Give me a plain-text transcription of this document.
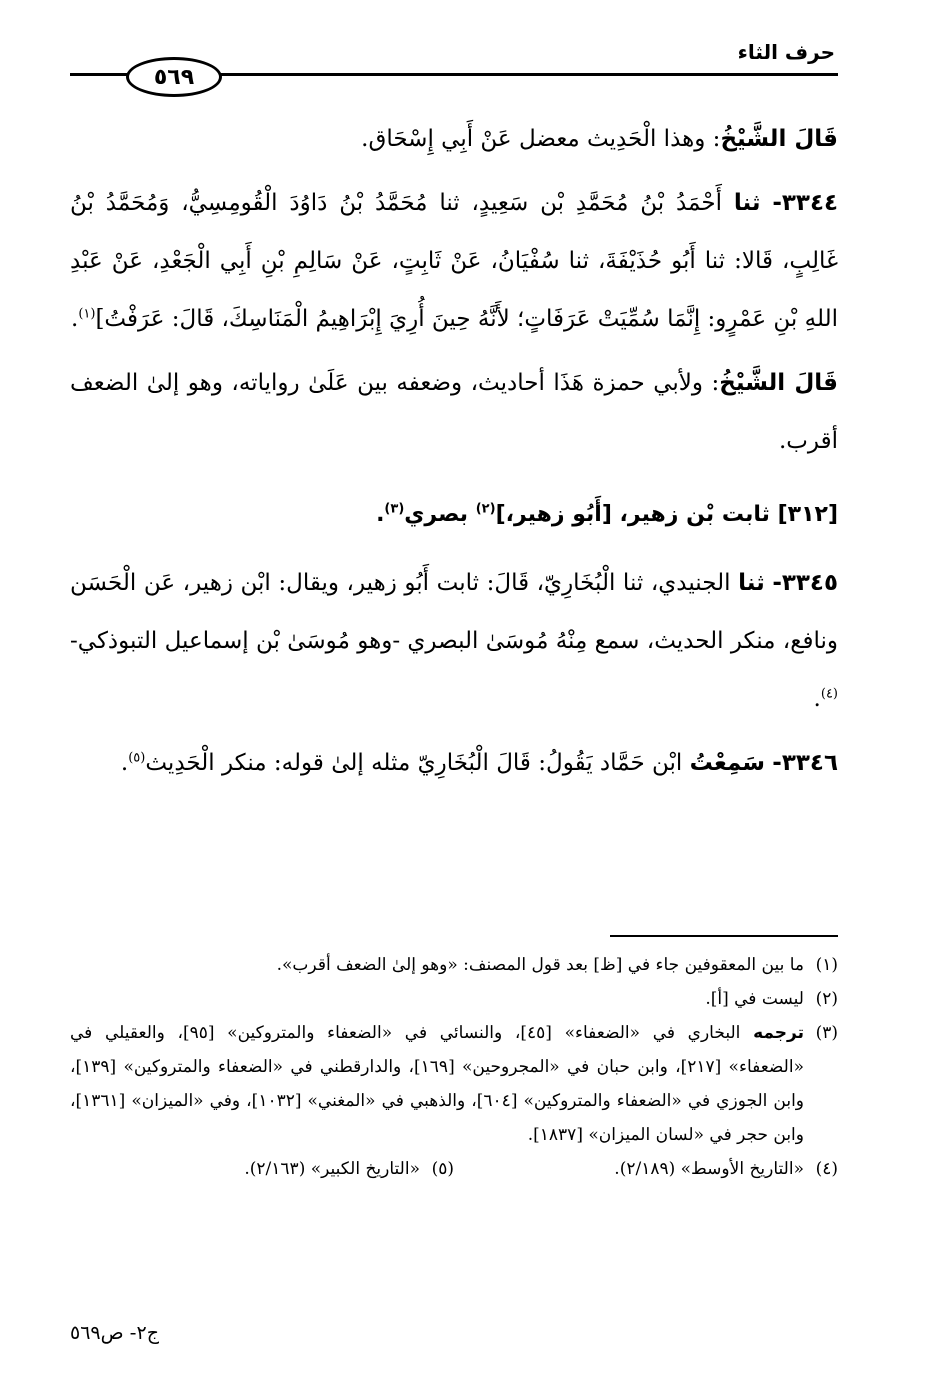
حرف الثاء
٥٦٩

قَالَ الشَّيْخُ: وهذا الْحَدِيث معضل عَنْ أَبِي إِسْحَاق.

٣٣٤٤- ثنا أَحْمَدُ بْنُ مُحَمَّدِ بْن سَعِيدٍ، ثنا مُحَمَّدُ بْنُ دَاوُدَ الْقُومِسِيُّ، وَمُحَمَّدُ بْنُ غَالِبٍ، قَالا: ثنا أَبُو حُذَيْفَةَ، ثنا سُفْيَانُ، عَنْ ثَابِتٍ، عَنْ سَالِمِ بْنِ أَبِي الْجَعْدِ، عَنْ عَبْدِ اللهِ بْنِ عَمْرٍو: إِنَّمَا سُمِّيَتْ عَرَفَاتٍ؛ لأَنَّهُ حِينَ أُرِيَ إِبْرَاهِيمُ الْمَنَاسِكَ، قَالَ: عَرَفْتُ]$^{(١)}$.

قَالَ الشَّيْخُ: ولأبي حمزة هَذَا أحاديث، وضعفه بين عَلَىٰ رواياته، وهو إلىٰ الضعف أقرب.

[٣١٢] ثابت بْن زهير، [أَبُو زهير،]$^{(٢)}$ بصري$^{(٣)}$.

٣٣٤٥- ثنا الجنيدي، ثنا الْبُخَارِيّ، قَالَ: ثابت أَبُو زهير، ويقال: ابْن زهير، عَن الْحَسَن ونافع، منكر الحديث، سمع مِنْهُ مُوسَىٰ البصري -وهو مُوسَىٰ بْن إسماعيل التبوذكي-$^{(٤)}$.

٣٣٤٦- سَمِعْتُ ابْن حَمَّاد يَقُولُ: قَالَ الْبُخَارِيّ مثله إلىٰ قوله: منكر الْحَدِيث$^{(٥)}$.

(١)
ما بين المعقوفين جاء في [ظ] بعد قول المصنف: «وهو إلىٰ الضعف أقرب».
(٢)
ليست في [أ].
(٣)
ترجمه البخاري في «الضعفاء» [٤٥]، والنسائي في «الضعفاء والمتروكين» [٩٥]، والعقيلي في «الضعفاء» [٢١٧]، وابن حبان في «المجروحين» [١٦٩]، والدارقطني في «الضعفاء والمتروكين» [١٣٩]، وابن الجوزي في «الضعفاء والمتروكين» [٦٠٤]، والذهبي في «المغني» [١٠٣٢]، وفي «الميزان» [١٣٦١]، وابن حجر في «لسان الميزان» [١٨٣٧].
(٤)
«التاريخ الأوسط» (٢/١٨٩).
(٥)
«التاريخ الكبير» (٢/١٦٣).
ج٢- ص٥٦٩
